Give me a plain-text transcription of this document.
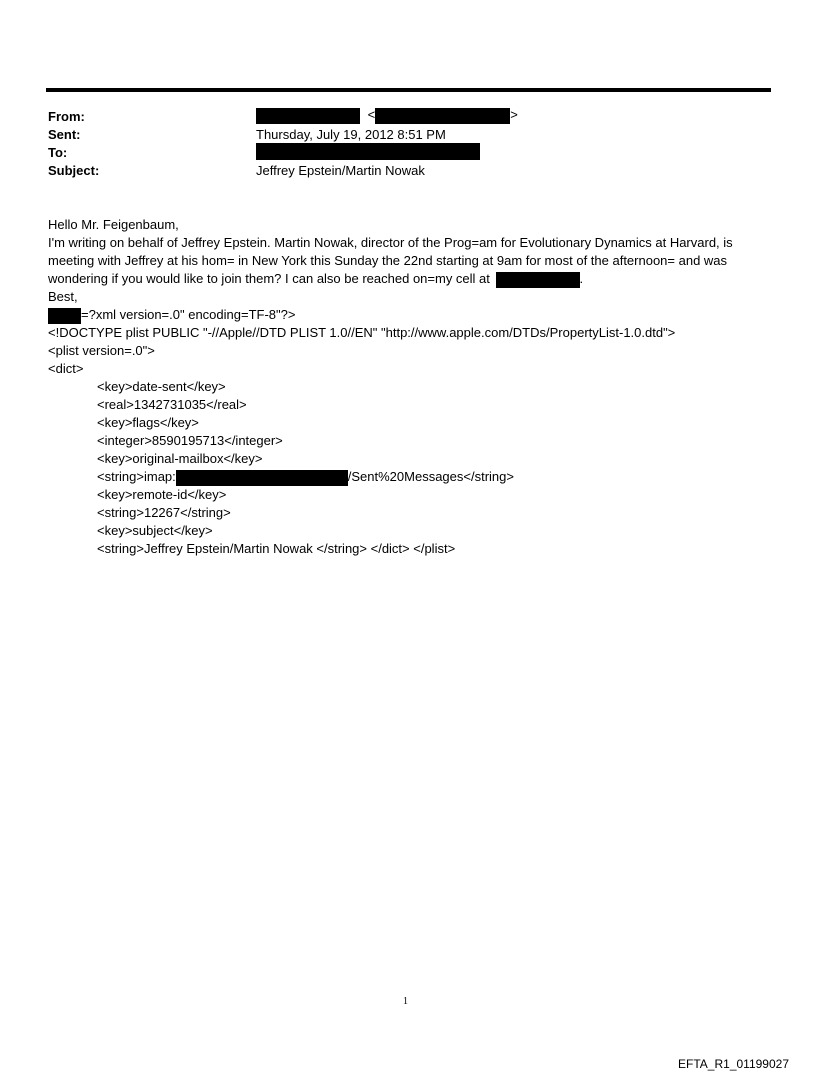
From:	<	>
Sent:	Thursday, July 19, 2012 8:51 PM
To:
Subject:	Jeffrey Epstein/Martin Nowak
Hello Mr. Feigenbaum,
I'm writing on behalf of Jeffrey Epstein. Martin Nowak, director of the Prog=am for Evolutionary Dynamics at Harvard, is
meeting with Jeffrey at his hom= in New York this Sunday the 22nd starting at 9am for most of the afternoon= and was
wondering if you would like to join them? I can also be reached on=my cell at	.
Best,
=?xml version=.0" encoding=TF-8"?>
<!DOCTYPE plist PUBLIC "-//Apple//DTD PLIST 1.0//EN" "http://www.apple.com/DTDs/PropertyList-1.0.dtd">
<plist version=.0">
<dict>
<key>date-sent</key>
<real>1342731035</real>
<key>flags</key>
<integer>8590195713</integer>
<key>original-mailbox</key>
<string>imap:	/Sent%20Messages</string>
<key>remote-id</key>
<string>12267</string>
<key>subject</key>
<string>Jeffrey Epstein/Martin Nowak </string> </dict> </plist>
1
EFTA_R1_01199027
